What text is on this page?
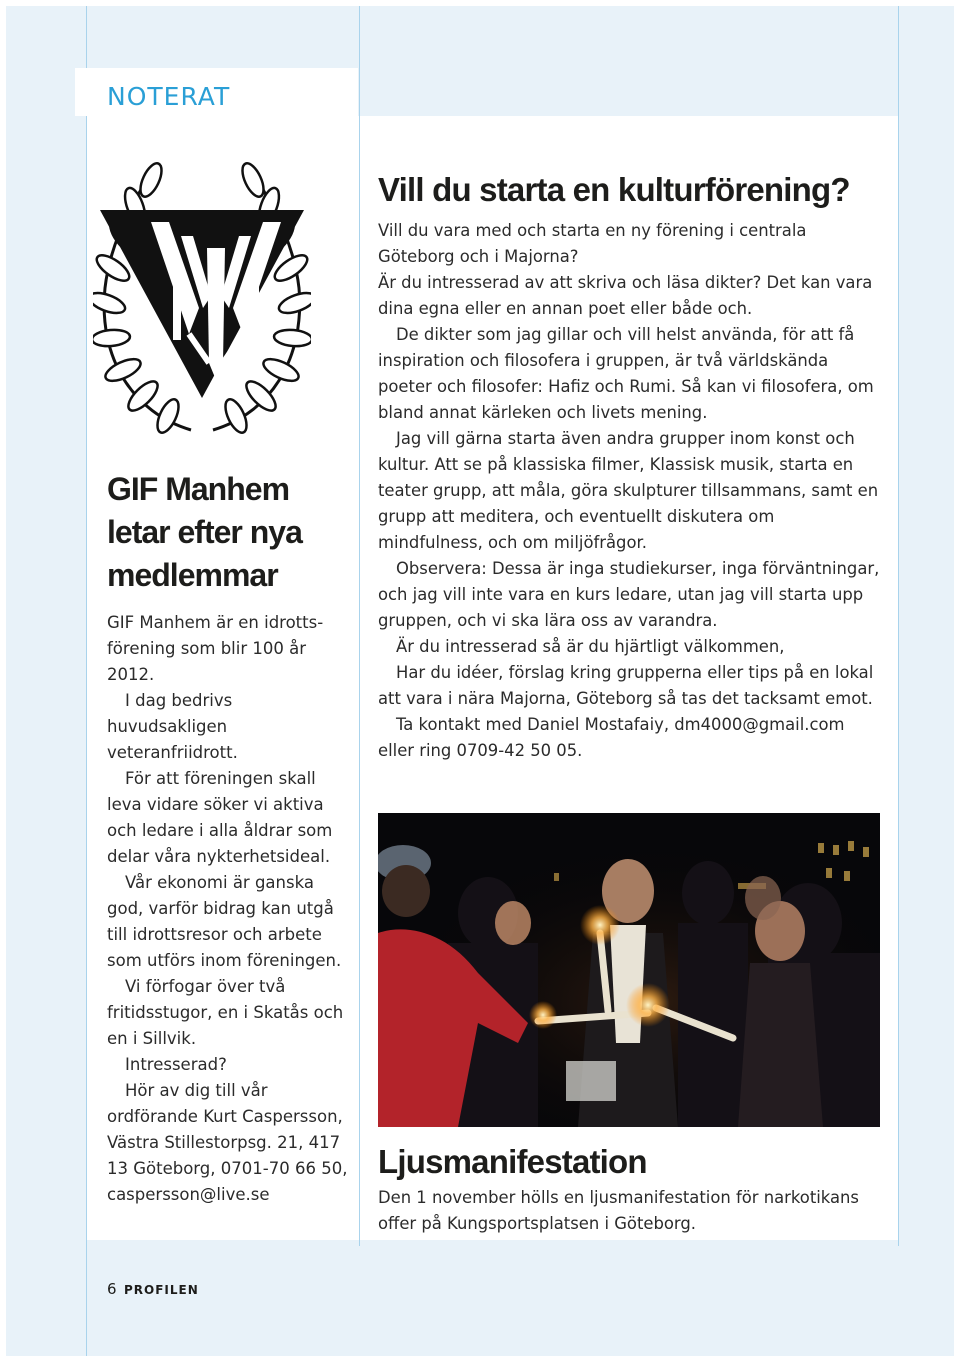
NOTERAT
GIF Manhem letar efter nya medlemmar

GIF Manhem är en idrotts-förening som blir 100 år 2012.

I dag bedrivs huvudsakligen veteranfriidrott.

För att föreningen skall leva vidare söker vi aktiva och ledare i alla åldrar som delar våra nykterhetsideal.

Vår ekonomi är ganska god, varför bidrag kan utgå till idrottsresor och arbete som utförs inom föreningen.

Vi förfogar över två fritidsstugor, en i Skatås och en i Sillvik.

Intresserad?

Hör av dig till vår ordförande Kurt Caspersson, Västra Stillestorpsg. 21, 417 13 Göteborg, 0701-70 66 50, caspersson@live.se

Vill du starta en kulturförening?

Vill du vara med och starta en ny förening i centrala Göteborg och i Majorna?

Är du intresserad av att skriva och läsa dikter? Det kan vara dina egna eller en annan poet eller både och.

De dikter som jag gillar och vill helst använda, för att få inspiration och filosofera i gruppen, är två världskända poeter och filosofer: Hafiz och Rumi. Så kan vi filosofera, om bland annat kärleken och livets mening.

Jag vill gärna starta även andra grupper inom konst och kultur. Att se på klassiska filmer, Klassisk musik, starta en teater grupp, att måla, göra skulpturer tillsammans, samt en grupp att meditera, och eventuellt diskutera om mindfulness, och om miljöfrågor.

Observera: Dessa är inga studiekurser, inga förväntningar, och jag vill inte vara en kurs ledare, utan jag vill starta upp gruppen, och vi ska lära oss av varandra.

Är du intresserad så är du hjärtligt välkommen,

Har du idéer, förslag kring grupperna eller tips på en lokal att vara i nära Majorna, Göteborg så tas det tacksamt emot.

Ta kontakt med Daniel Mostafaiy, dm4000@gmail.com eller ring 0709-42 50 05.

Ljusmanifestation

Den 1 november hölls en ljusmanifestation för narkotikans offer på Kungsportsplatsen i Göteborg.

6 PROFILEN
